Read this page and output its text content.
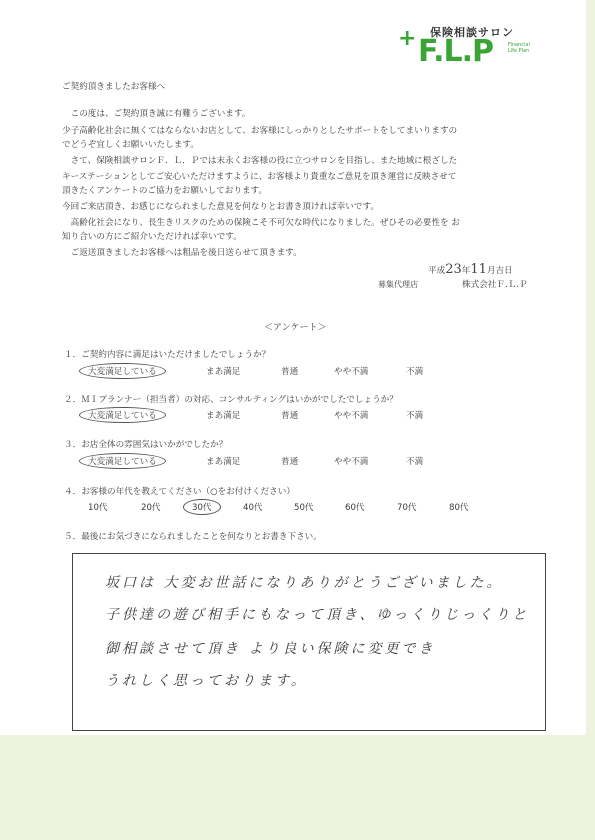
+ 保険相談サロン
F.L.P	Financial Life Plan
ご契約頂きましたお客様へ
　この度は、ご契約頂き誠に有難うございます。
少子高齢化社会に無くてはならないお店として、お客様にしっかりとしたサポートをしてまいりますの
でどうぞ宜しくお願いいたします。
　さて、保険相談サロンＦ．Ｌ．Ｐでは末永くお客様の役に立つサロンを目指し、また地域に根ざした
キーステーションとしてご安心いただけますように、お客様より貴重なご意見を頂き運営に反映させて
頂きたくアンケートのご協力をお願いしております。
今回ご来店頂き、お感じになられました意見を何なりとお書き頂ければ幸いです。
　高齢化社会になり、長生きリスクのための保険こそ不可欠な時代になりました。ぜひその必要性を お
知り合いの方にご紹介いただければ幸いです。
　ご返送頂きましたお客様へは粗品を後日送らせて頂きます。
平成23年11月吉日
募集代理店	株式会社Ｆ.Ｌ.Ｐ
＜アンケート＞
１．ご契約内容に満足はいただけましたでしょうか？
大変満足している	まあ満足	普通	やや不満	不満
２．ＭＩプランナー（担当者）の対応、コンサルティングはいかがでしたでしょうか？
大変満足している	まあ満足	普通	やや不満	不満
３．お店全体の雰囲気はいかがでしたか？
大変満足している	まあ満足	普通	やや不満	不満
４．お客様の年代を教えてください（○をお付けください）
10代	20代	30代	40代	50代	60代	70代	80代
５．最後にお気づきになられましたことを何なりとお書き下さい。
坂口は 大変お世話になりありがとうございました。
子供達の遊び相手にもなって頂き、ゆっくりじっくりと
御相談させて頂き より良い保険に変更でき
うれしく思っております。
